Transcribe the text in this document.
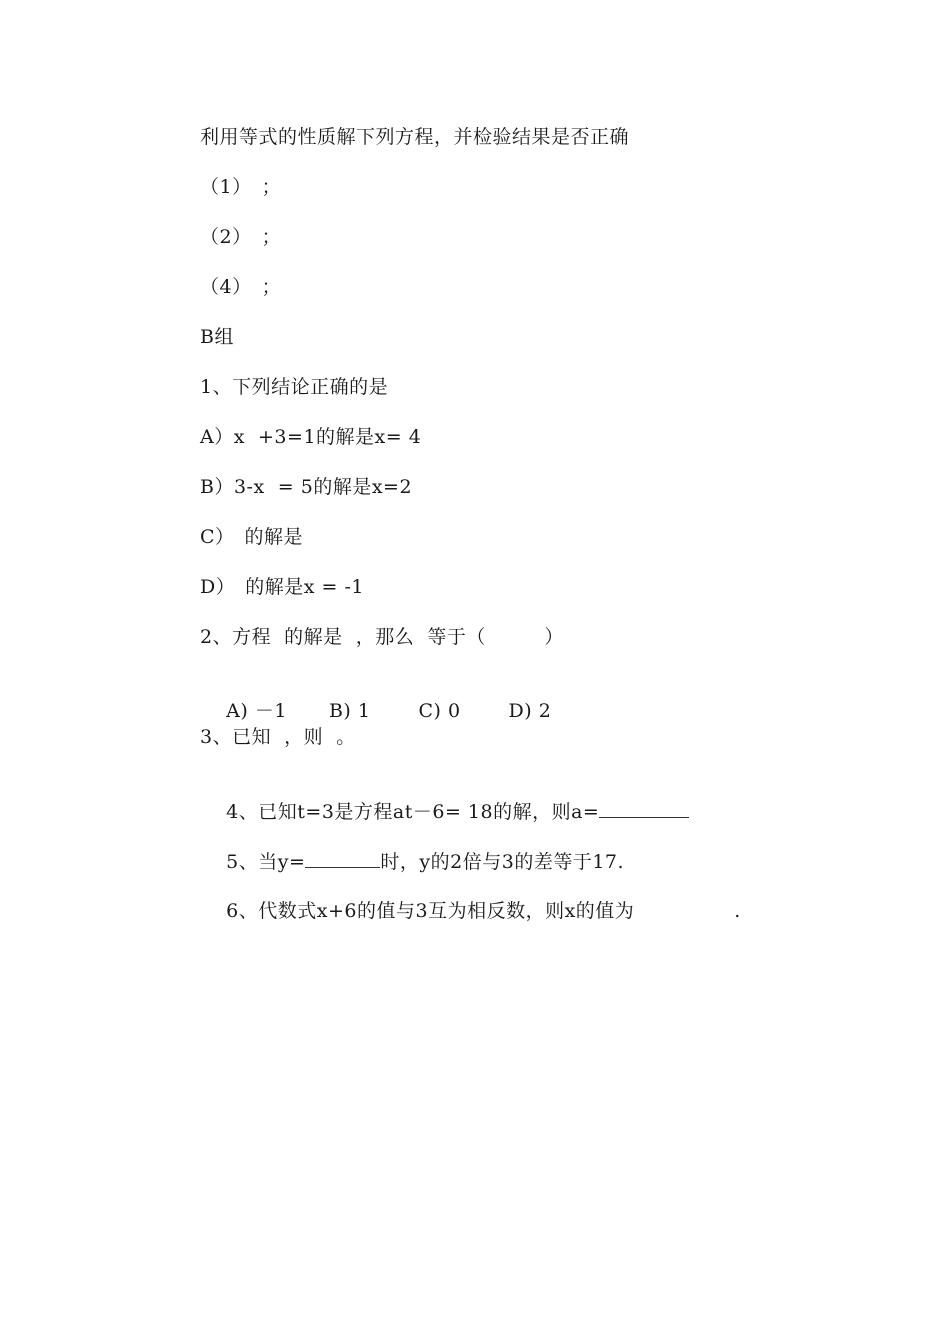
利用等式的性质解下列方程，并检验结果是否正确
（1）　；
（2）　；
（4）　；
B组
1、下列结论正确的是
A）x  +3=1的解是x= 4
B）3-x  = 5的解是x=2
C）　的解是
D）　的解是x = -1
2、方程  的解是  ，那么  等于（　　　）

A) －1 B) 1	C) 0	D) 2

3、已知  ，则  。

4、已知t=3是方程at－6= 18的解，则a=

5、当y=	时，y的2倍与3的差等于17.

6、代数式x+6的值与3互为相反数，则x的值为	.
